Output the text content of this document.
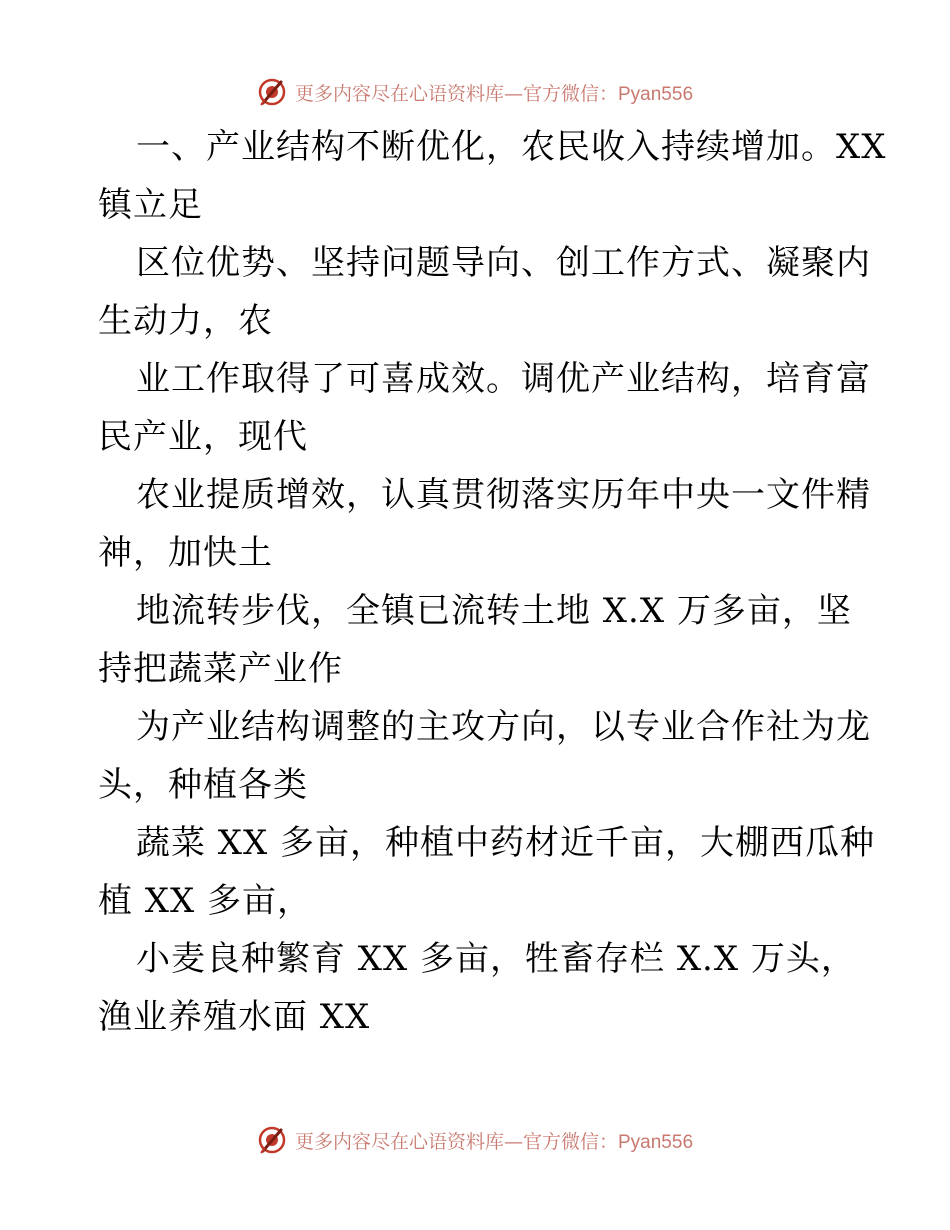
更多内容尽在心语资料库—官方微信：Pyan556

一、产业结构不断优化，农民收入持续增加。XX
镇立足

区位优势、坚持问题导向、创工作方式、凝聚内
生动力，农

业工作取得了可喜成效。调优产业结构，培育富
民产业，现代

农业提质增效，认真贯彻落实历年中央一文件精
神，加快土

地流转步伐，全镇已流转土地 X.X 万多亩，坚
持把蔬菜产业作

为产业结构调整的主攻方向，以专业合作社为龙
头，种植各类

蔬菜 XX 多亩，种植中药材近千亩，大棚西瓜种
植 XX 多亩，

小麦良种繁育 XX 多亩，牲畜存栏 X.X 万头，
渔业养殖水面 XX

更多内容尽在心语资料库—官方微信：Pyan556
